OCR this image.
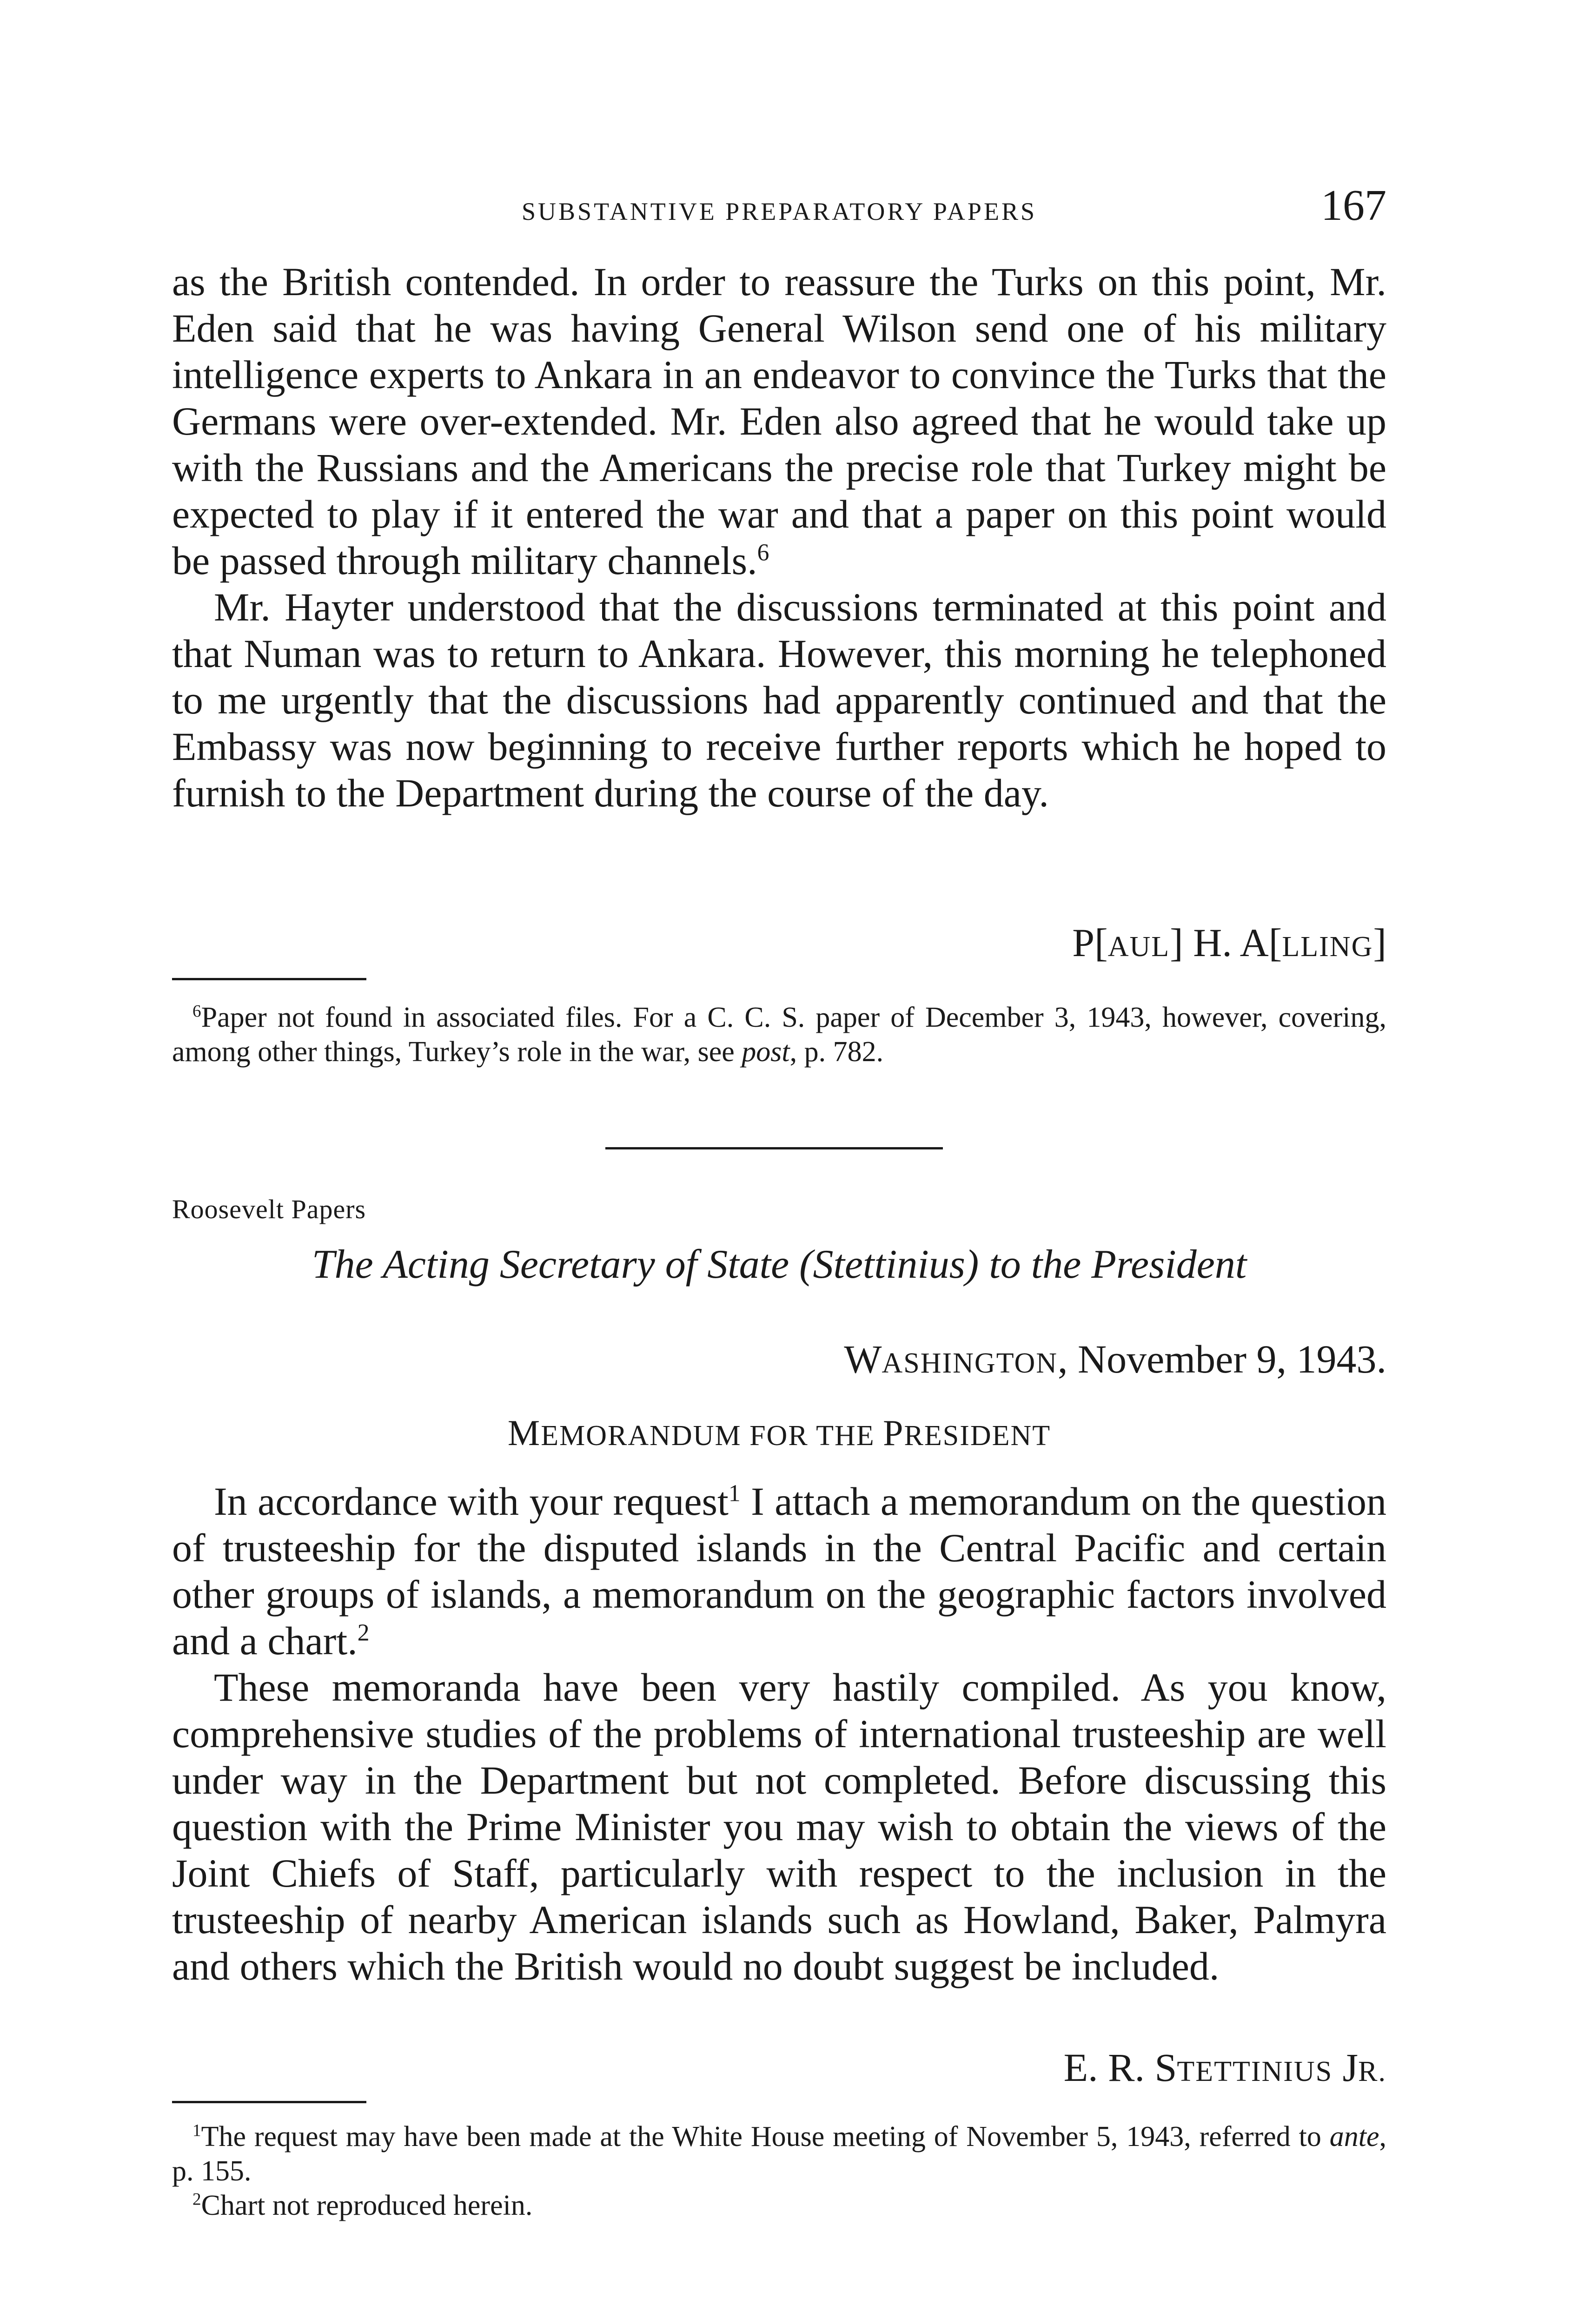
SUBSTANTIVE PREPARATORY PAPERS	167

as the British contended. In order to reassure the Turks on this point, Mr. Eden said that he was having General Wilson send one of his military intelligence experts to Ankara in an endeavor to convince the Turks that the Germans were over-extended. Mr. Eden also agreed that he would take up with the Russians and the Americans the precise role that Turkey might be expected to play if it entered the war and that a paper on this point would be passed through military channels.$^6$

Mr. Hayter understood that the discussions terminated at this point and that Numan was to return to Ankara. However, this morning he telephoned to me urgently that the discussions had apparently continued and that the Embassy was now beginning to receive further reports which he hoped to furnish to the Department during the course of the day.

P[AUL] H. A[LLING]

$^6$Paper not found in associated files. For a C. C. S. paper of December 3, 1943, however, covering, among other things, Turkey’s role in the war, see post, p. 782.

Roosevelt Papers
The Acting Secretary of State (Stettinius) to the President
WASHINGTON, November 9, 1943.
MEMORANDUM FOR THE PRESIDENT

In accordance with your request$^1$ I attach a memorandum on the question of trusteeship for the disputed islands in the Central Pacific and certain other groups of islands, a memorandum on the geographic factors involved and a chart.$^2$

These memoranda have been very hastily compiled. As you know, comprehensive studies of the problems of international trusteeship are well under way in the Department but not completed. Before discussing this question with the Prime Minister you may wish to obtain the views of the Joint Chiefs of Staff, particularly with respect to the inclusion in the trusteeship of nearby American islands such as Howland, Baker, Palmyra and others which the British would no doubt suggest be included.

E. R. STETTINIUS JR.

$^1$The request may have been made at the White House meeting of November 5, 1943, referred to ante, p. 155.

$^2$Chart not reproduced herein.
